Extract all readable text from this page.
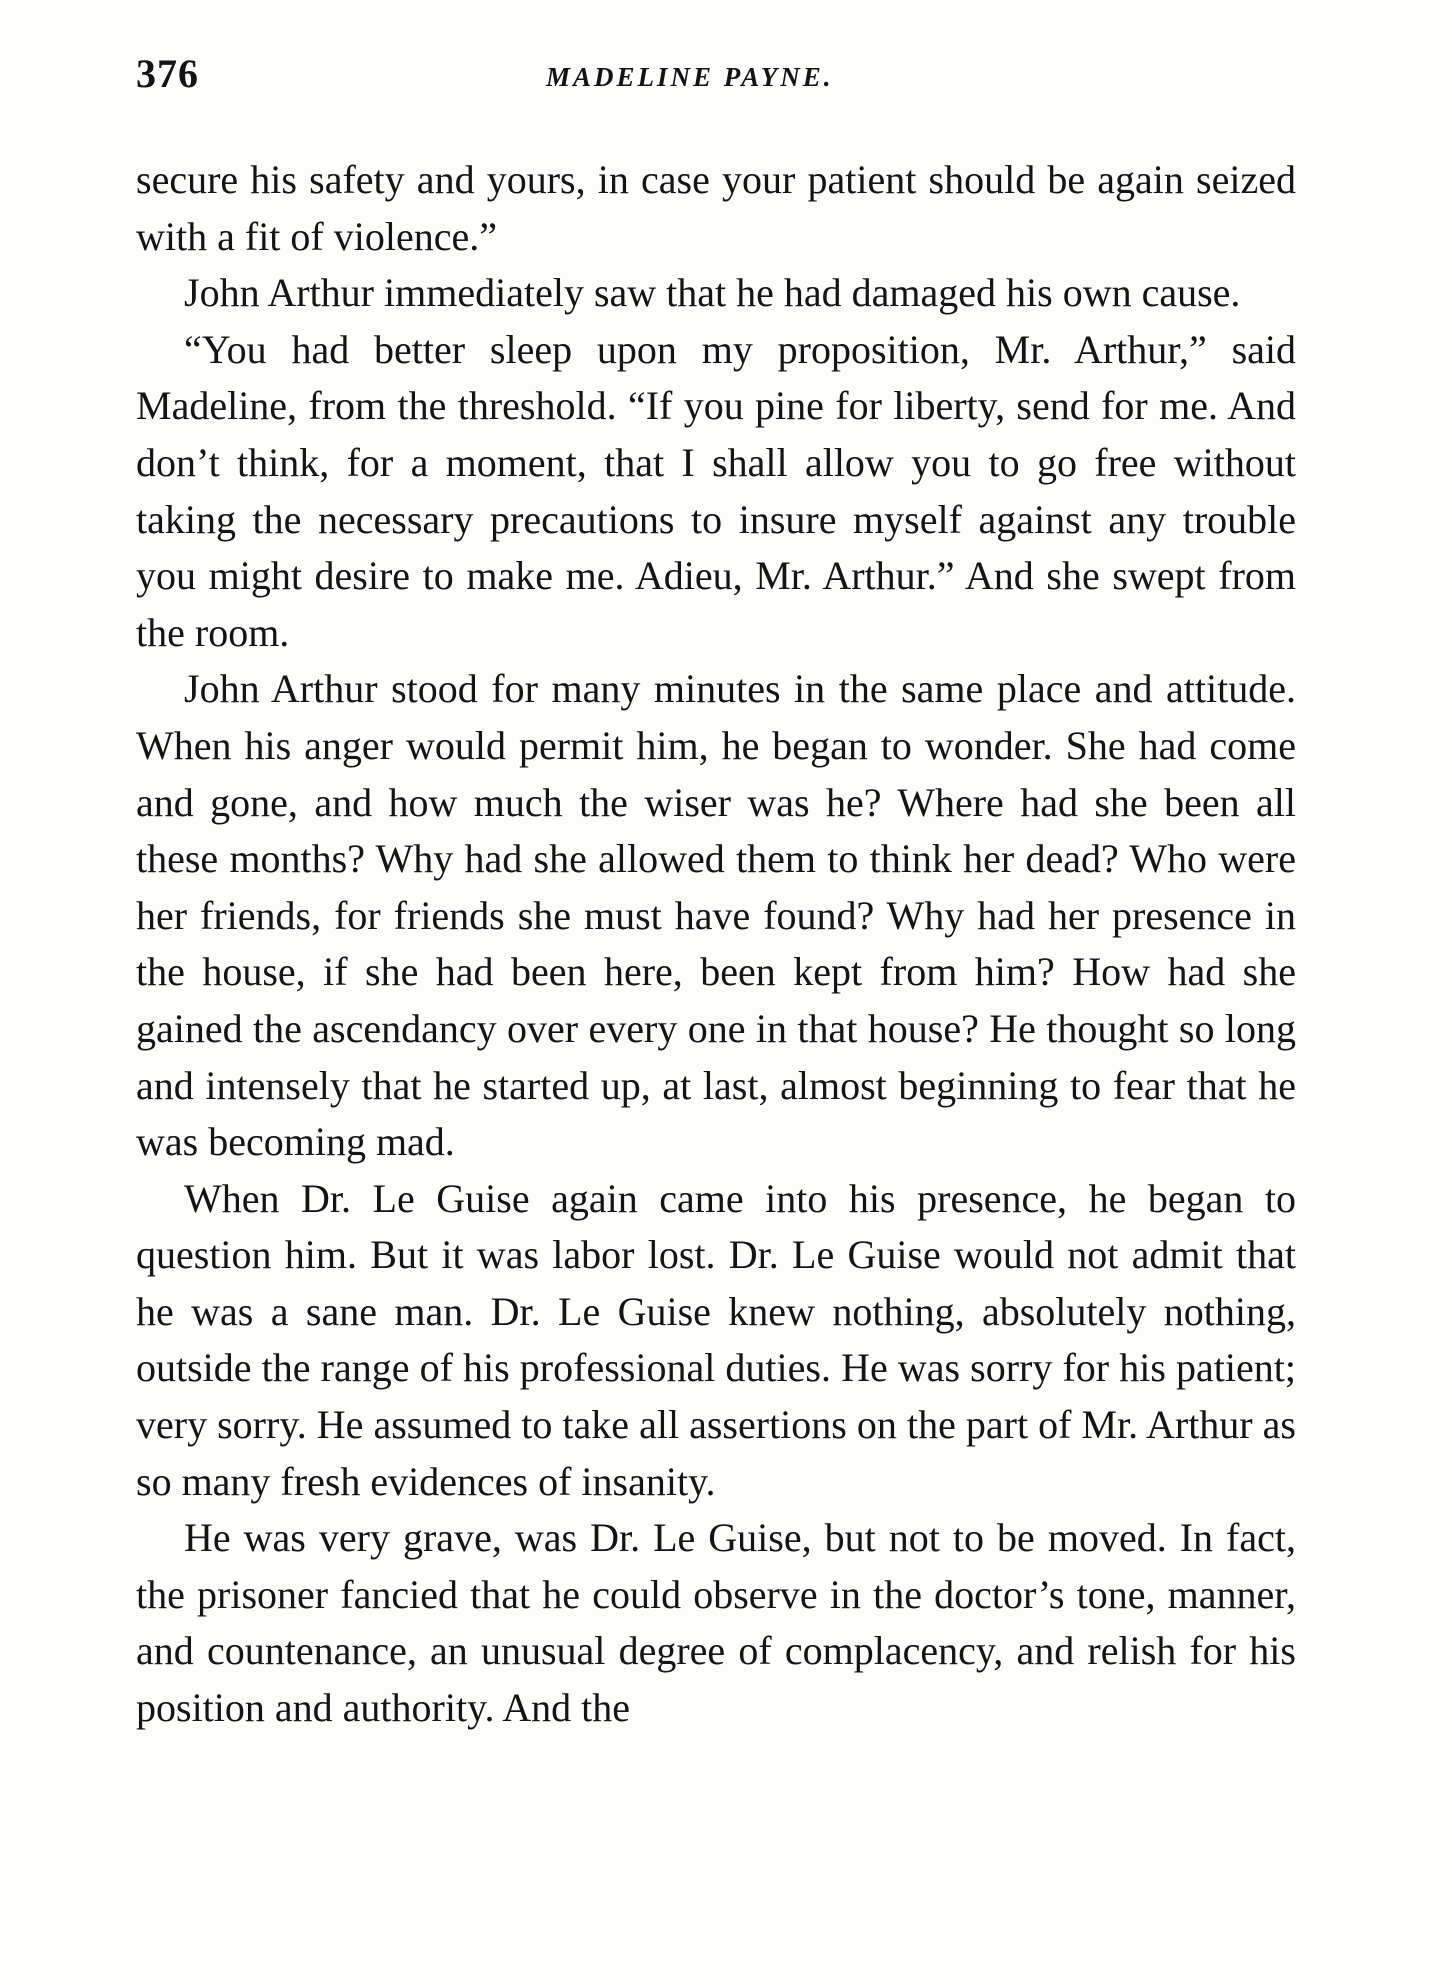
376	MADELINE PAYNE.

secure his safety and yours, in case your patient should be again seized with a fit of violence.”

John Arthur immediately saw that he had damaged his own cause.

“You had better sleep upon my proposition, Mr. Arthur,” said Madeline, from the threshold. “If you pine for liberty, send for me. And don’t think, for a moment, that I shall allow you to go free without taking the necessary precautions to insure myself against any trouble you might desire to make me. Adieu, Mr. Arthur.” And she swept from the room.

John Arthur stood for many minutes in the same place and attitude. When his anger would permit him, he began to wonder. She had come and gone, and how much the wiser was he? Where had she been all these months? Why had she allowed them to think her dead? Who were her friends, for friends she must have found? Why had her presence in the house, if she had been here, been kept from him? How had she gained the ascendancy over every one in that house? He thought so long and intensely that he started up, at last, almost beginning to fear that he was becoming mad.

When Dr. Le Guise again came into his presence, he began to question him. But it was labor lost. Dr. Le Guise would not admit that he was a sane man. Dr. Le Guise knew nothing, absolutely nothing, outside the range of his professional duties. He was sorry for his patient; very sorry. He assumed to take all assertions on the part of Mr. Arthur as so many fresh evidences of insanity.

He was very grave, was Dr. Le Guise, but not to be moved. In fact, the prisoner fancied that he could observe in the doctor’s tone, manner, and countenance, an unusual degree of complacency, and relish for his position and authority. And the
